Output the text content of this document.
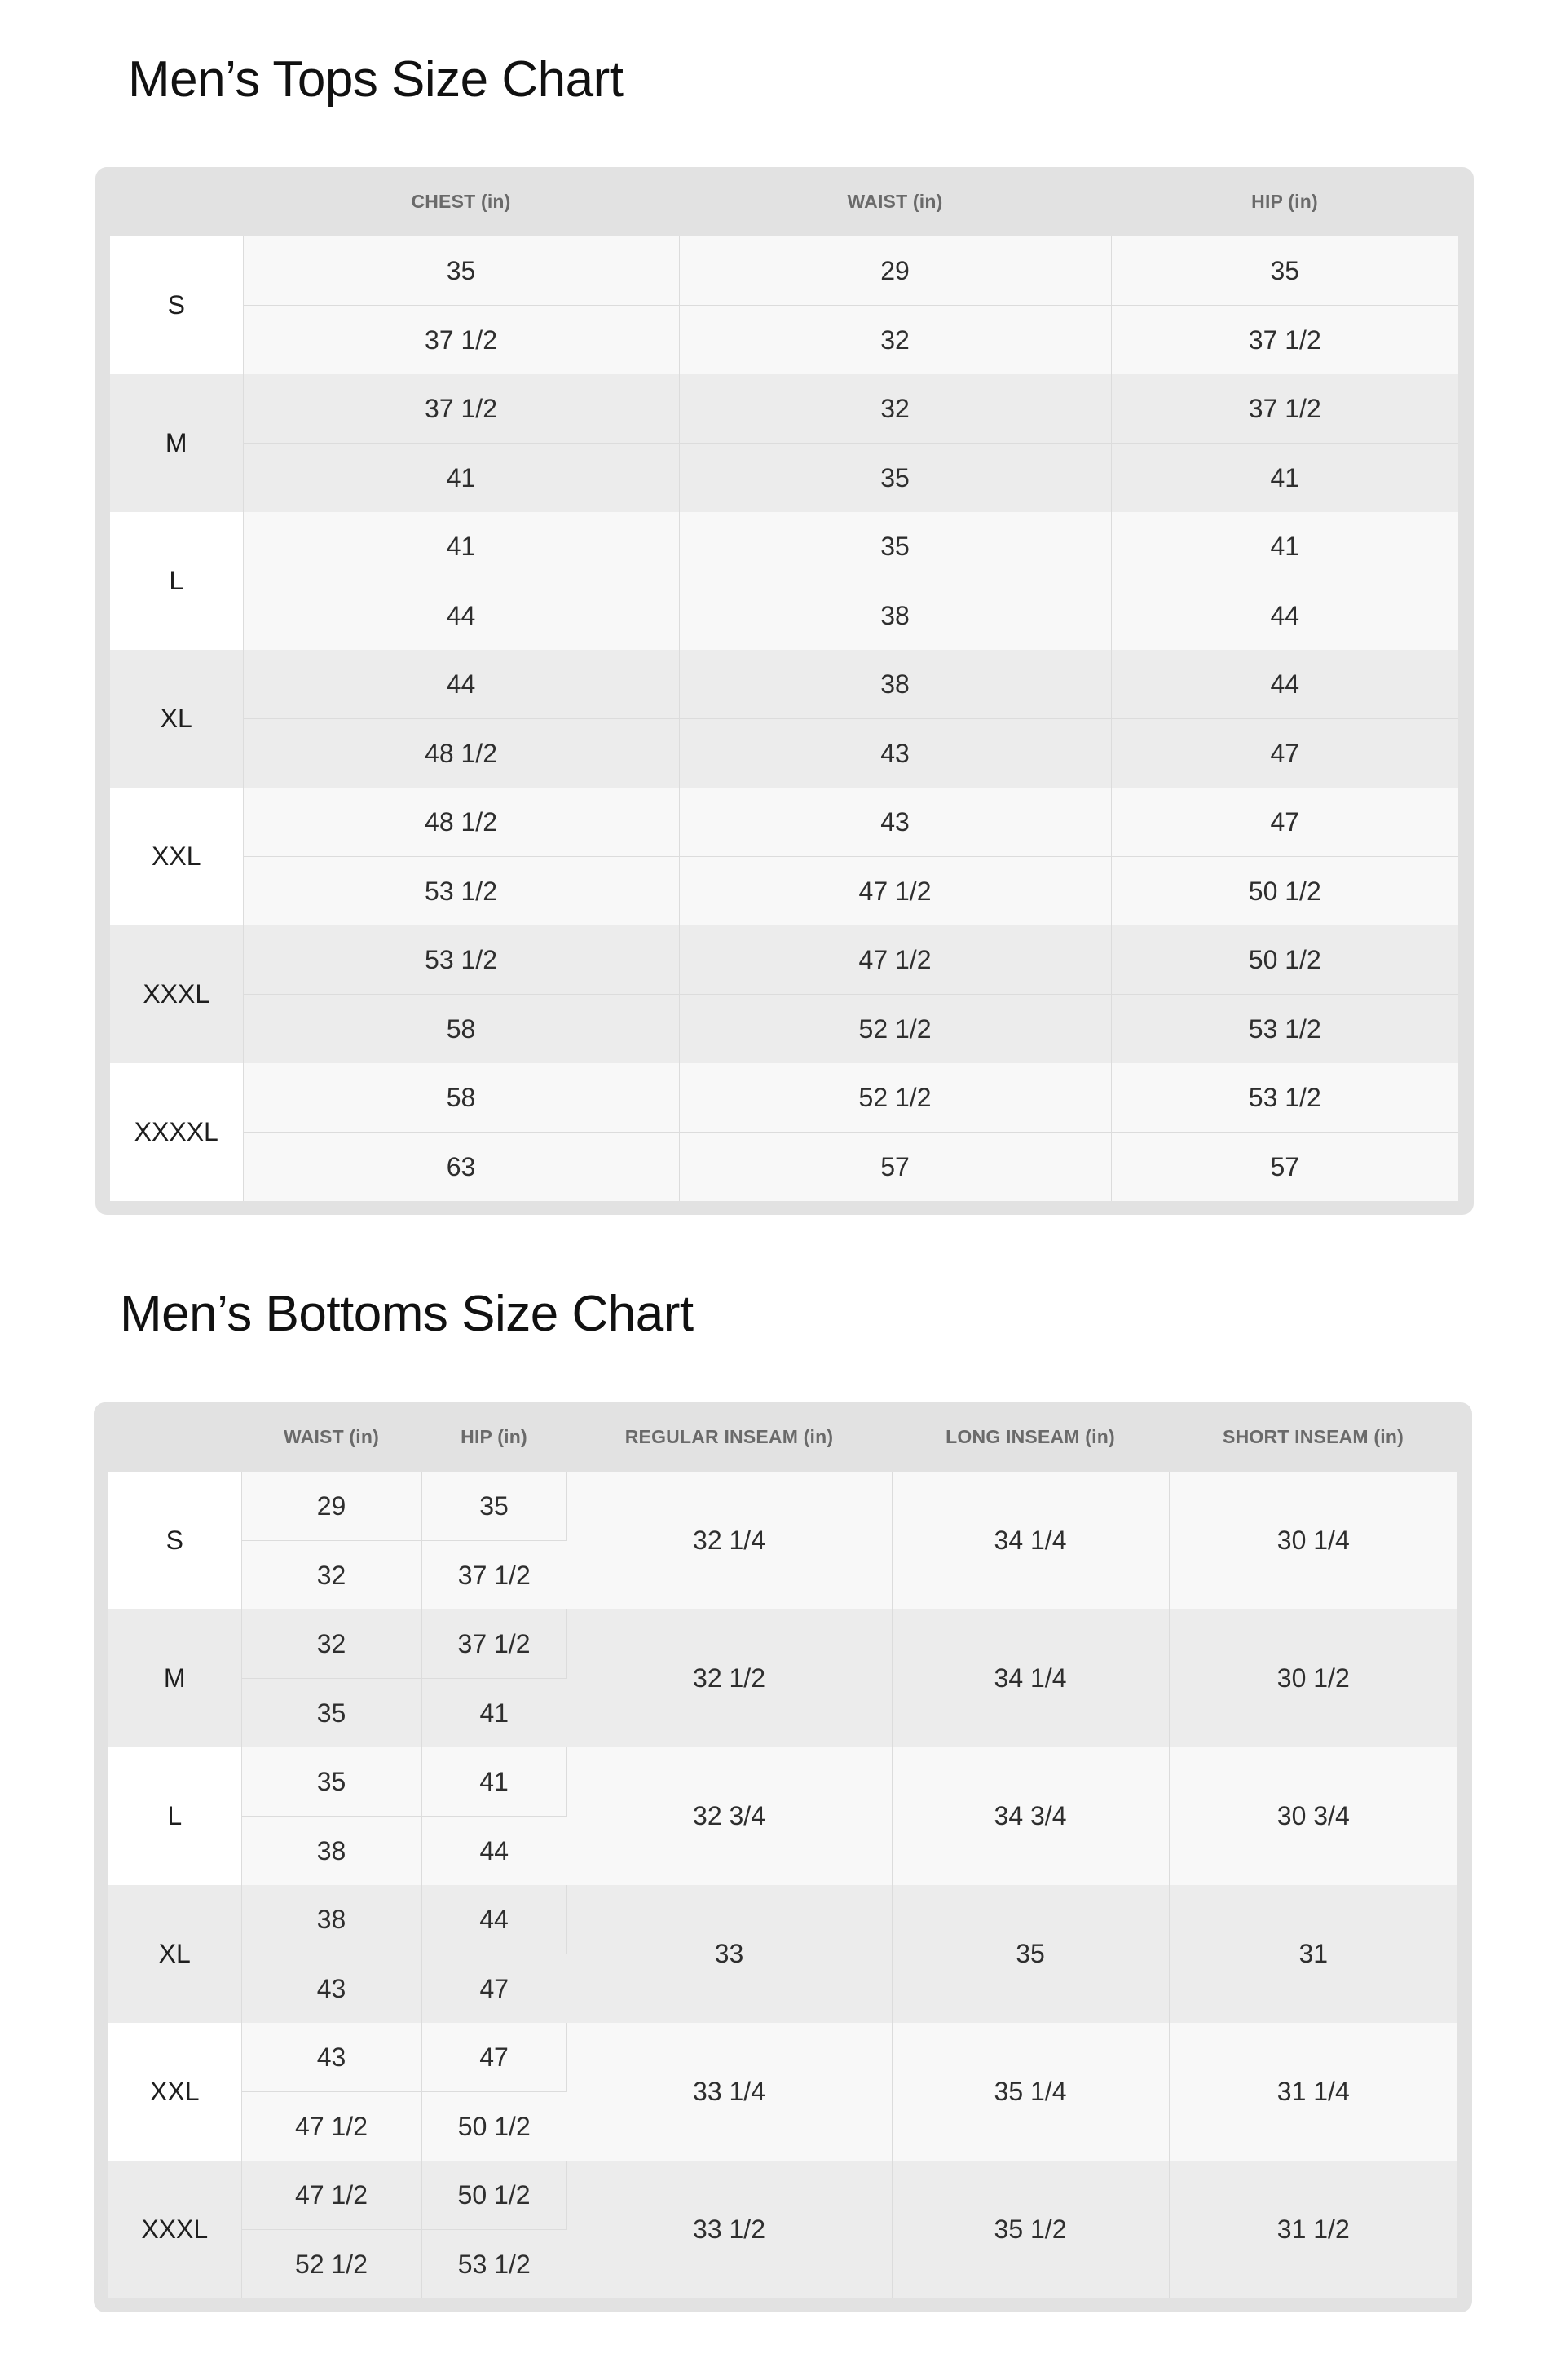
Men’s Tops Size Chart
	CHEST (in)	WAIST (in)	HIP (in)
S	35	29	35
	37 1/2	32	37 1/2
M	37 1/2	32	37 1/2
	41	35	41
L	41	35	41
	44	38	44
XL	44	38	44
	48 1/2	43	47
XXL	48 1/2	43	47
	53 1/2	47 1/2	50 1/2
XXXL	53 1/2	47 1/2	50 1/2
	58	52 1/2	53 1/2
XXXXL	58	52 1/2	53 1/2
	63	57	57
Men’s Bottoms Size Chart
	WAIST (in)	HIP (in)	REGULAR INSEAM (in)	LONG INSEAM (in)	SHORT INSEAM (in)
S	29	35	32 1/4	34 1/4	30 1/4
	32	37 1/2			
M	32	37 1/2	32 1/2	34 1/4	30 1/2
	35	41			
L	35	41	32 3/4	34 3/4	30 3/4
	38	44			
XL	38	44	33	35	31
	43	47			
XXL	43	47	33 1/4	35 1/4	31 1/4
	47 1/2	50 1/2			
XXXL	47 1/2	50 1/2	33 1/2	35 1/2	31 1/2
	52 1/2	53 1/2			
